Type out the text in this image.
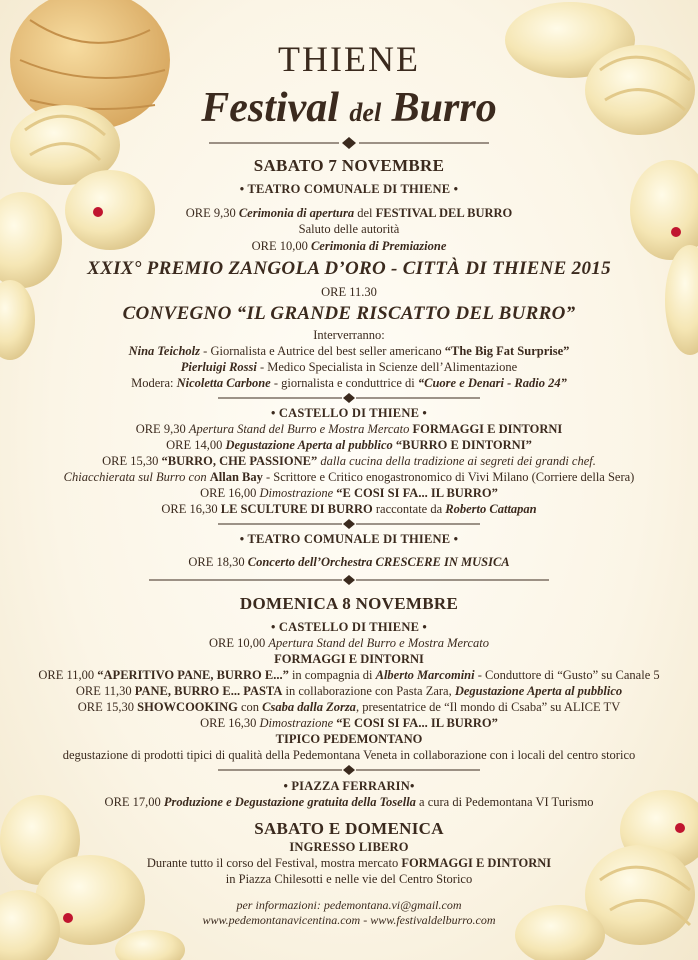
THIENE
Festival del Burro
SABATO 7 NOVEMBRE
• TEATRO COMUNALE DI THIENE •
ORE 9,30 Cerimonia di apertura del FESTIVAL DEL BURRO
Saluto delle autorità
ORE 10,00 Cerimonia di Premiazione
XXIX° PREMIO ZANGOLA D’ORO - CITTÀ DI THIENE 2015
ORE 11.30
CONVEGNO “IL GRANDE RISCATTO DEL BURRO”
Interverranno:
Nina Teicholz - Giornalista e Autrice del best seller americano “The Big Fat Surprise”
Pierluigi Rossi - Medico Specialista in Scienze dell’Alimentazione
Modera: Nicoletta Carbone - giornalista e conduttrice di “Cuore e Denari - Radio 24”
• CASTELLO DI THIENE •
ORE 9,30 Apertura Stand del Burro e Mostra Mercato FORMAGGI E DINTORNI
ORE 14,00 Degustazione Aperta al pubblico “BURRO E DINTORNI”
ORE 15,30 “BURRO, CHE PASSIONE” dalla cucina della tradizione ai segreti dei grandi chef.
Chiacchierata sul Burro con Allan Bay - Scrittore e Critico enogastronomico di Vivi Milano (Corriere della Sera)
ORE 16,00 Dimostrazione “E COSI SI FA... IL BURRO”
ORE 16,30 LE SCULTURE DI BURRO raccontate da Roberto Cattapan
• TEATRO COMUNALE DI THIENE •
ORE 18,30 Concerto dell’Orchestra CRESCERE IN MUSICA
DOMENICA 8 NOVEMBRE
• CASTELLO DI THIENE •
ORE 10,00 Apertura Stand del Burro e Mostra Mercato
FORMAGGI E DINTORNI
ORE 11,00 “APERITIVO PANE, BURRO E...” in compagnia di Alberto Marcomini - Conduttore di “Gusto” su Canale 5
ORE 11,30 PANE, BURRO E... PASTA in collaborazione con Pasta Zara, Degustazione Aperta al pubblico
ORE 15,30 SHOWCOOKING con Csaba dalla Zorza, presentatrice de “Il mondo di Csaba” su ALICE TV
ORE 16,30 Dimostrazione “E COSI SI FA... IL BURRO”
TIPICO PEDEMONTANO
degustazione di prodotti tipici di qualità della Pedemontana Veneta in collaborazione con i locali del centro storico
• PIAZZA FERRARIN•
ORE 17,00 Produzione e Degustazione gratuita della Tosella a cura di Pedemontana VI Turismo
SABATO E DOMENICA
INGRESSO LIBERO
Durante tutto il corso del Festival, mostra mercato FORMAGGI E DINTORNI
in Piazza Chilesotti e nelle vie del Centro Storico
per informazioni: pedemontana.vi@gmail.com
www.pedemontanavicentina.com - www.festivaldelburro.com
